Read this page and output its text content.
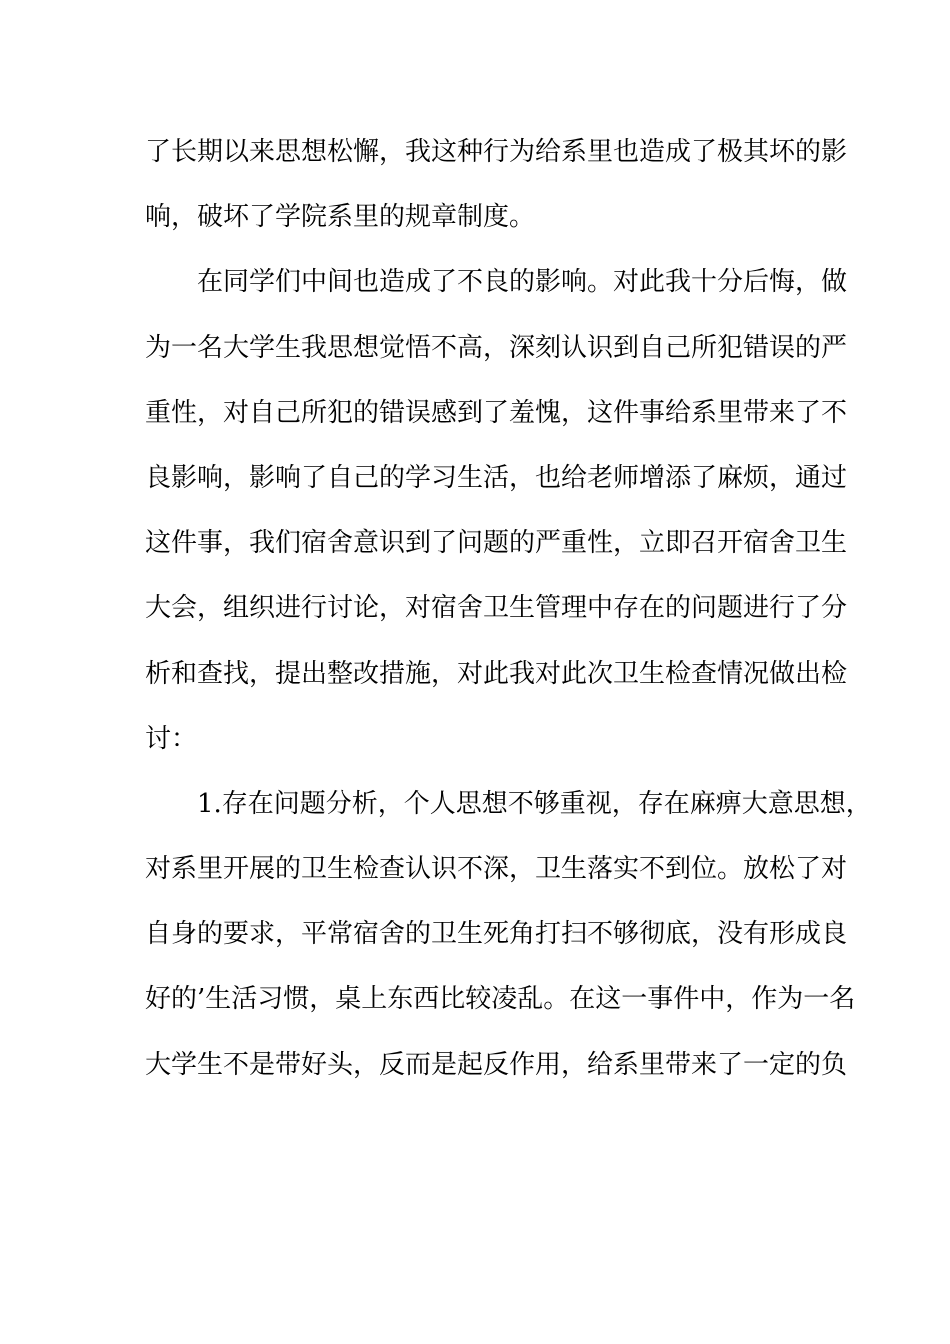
了长期以来思想松懈，我这种行为给系里也造成了极其坏的影
响，破坏了学院系里的规章制度。
在同学们中间也造成了不良的影响。对此我十分后悔，做
为一名大学生我思想觉悟不高，深刻认识到自己所犯错误的严
重性，对自己所犯的错误感到了羞愧，这件事给系里带来了不
良影响，影响了自己的学习生活，也给老师增添了麻烦，通过
这件事，我们宿舍意识到了问题的严重性，立即召开宿舍卫生
大会，组织进行讨论，对宿舍卫生管理中存在的问题进行了分
析和查找，提出整改措施，对此我对此次卫生检查情况做出检
讨：
1.存在问题分析，个人思想不够重视，存在麻痹大意思想，
对系里开展的卫生检查认识不深，卫生落实不到位。放松了对
自身的要求，平常宿舍的卫生死角打扫不够彻底，没有形成良
好的’生活习惯，桌上东西比较凌乱。在这一事件中，作为一名
大学生不是带好头，反而是起反作用，给系里带来了一定的负
